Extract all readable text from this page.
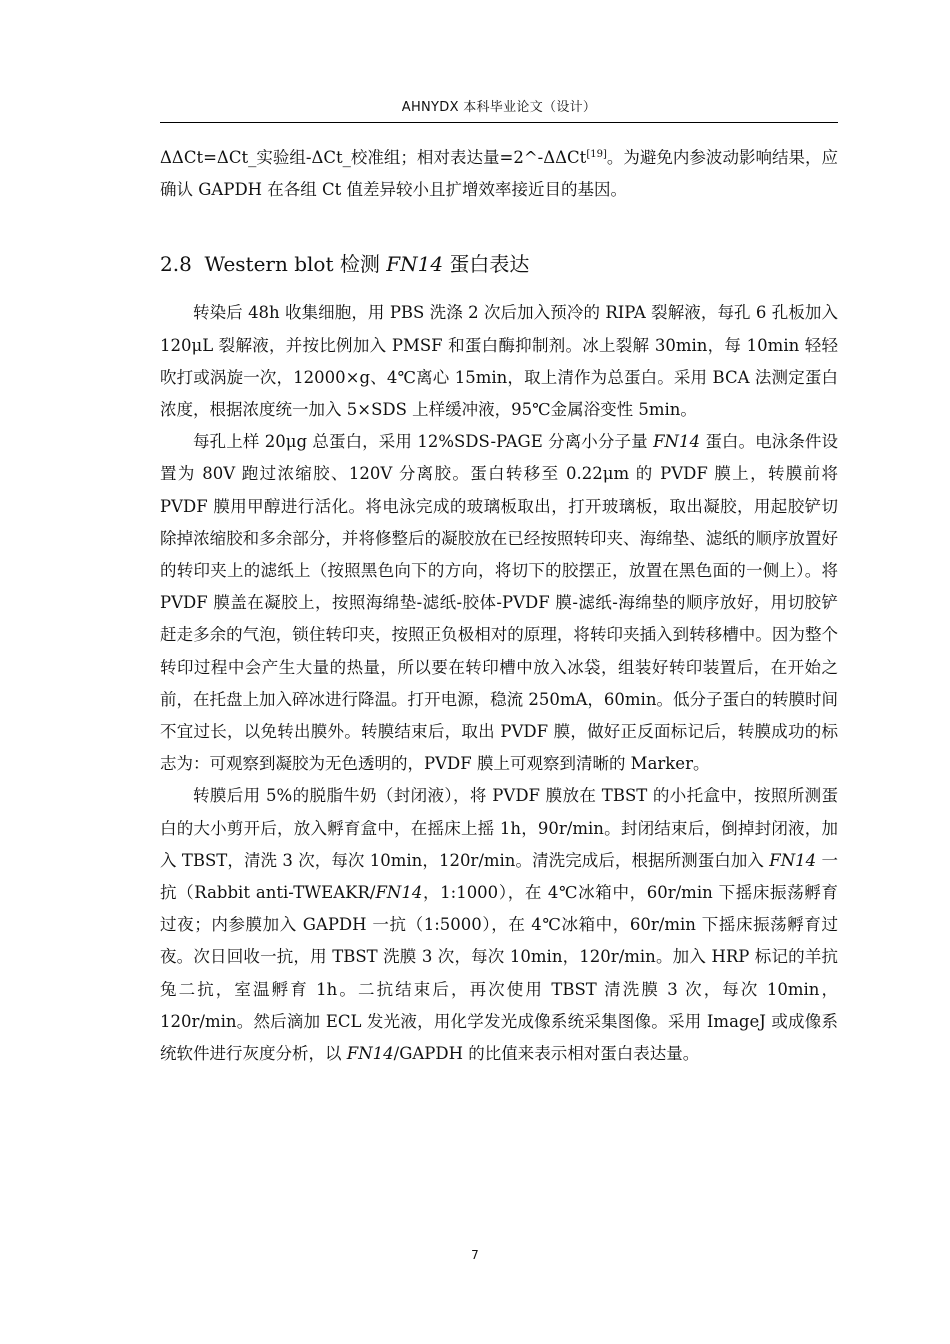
AHNYDX 本科毕业论文（设计）

ΔΔCt=ΔCt_实验组-ΔCt_校准组；相对表达量=2^-ΔΔCt[19]。为避免内参波动影响结果，应确认 GAPDH 在各组 Ct 值差异较小且扩增效率接近目的基因。

2.8 Western blot 检测 FN14 蛋白表达

转染后 48h 收集细胞，用 PBS 洗涤 2 次后加入预冷的 RIPA 裂解液，每孔 6 孔板加入 120μL 裂解液，并按比例加入 PMSF 和蛋白酶抑制剂。冰上裂解 30min，每 10min 轻轻吹打或涡旋一次，12000×g、4℃离心 15min，取上清作为总蛋白。采用 BCA 法测定蛋白浓度，根据浓度统一加入 5×SDS 上样缓冲液，95℃金属浴变性 5min。

每孔上样 20μg 总蛋白，采用 12%SDS-PAGE 分离小分子量 FN14 蛋白。电泳条件设置为 80V 跑过浓缩胶、120V 分离胶。蛋白转移至 0.22μm 的 PVDF 膜上，转膜前将 PVDF 膜用甲醇进行活化。将电泳完成的玻璃板取出，打开玻璃板，取出凝胶，用起胶铲切除掉浓缩胶和多余部分，并将修整后的凝胶放在已经按照转印夹、海绵垫、滤纸的顺序放置好的转印夹上的滤纸上（按照黑色向下的方向，将切下的胶摆正，放置在黑色面的一侧上）。将 PVDF 膜盖在凝胶上，按照海绵垫-滤纸-胶体-PVDF 膜-滤纸-海绵垫的顺序放好，用切胶铲赶走多余的气泡，锁住转印夹，按照正负极相对的原理，将转印夹插入到转移槽中。因为整个转印过程中会产生大量的热量，所以要在转印槽中放入冰袋，组装好转印装置后，在开始之前，在托盘上加入碎冰进行降温。打开电源，稳流 250mA，60min。低分子蛋白的转膜时间不宜过长，以免转出膜外。转膜结束后，取出 PVDF 膜，做好正反面标记后，转膜成功的标志为：可观察到凝胶为无色透明的，PVDF 膜上可观察到清晰的 Marker。

转膜后用 5%的脱脂牛奶（封闭液），将 PVDF 膜放在 TBST 的小托盒中，按照所测蛋白的大小剪开后，放入孵育盒中，在摇床上摇 1h，90r/min。封闭结束后，倒掉封闭液，加入 TBST，清洗 3 次，每次 10min，120r/min。清洗完成后，根据所测蛋白加入 FN14 一抗（Rabbit anti-TWEAKR/FN14，1:1000），在 4℃冰箱中，60r/min 下摇床振荡孵育过夜；内参膜加入 GAPDH 一抗（1:5000），在 4℃冰箱中，60r/min 下摇床振荡孵育过夜。次日回收一抗，用 TBST 洗膜 3 次，每次 10min，120r/min。加入 HRP 标记的羊抗兔二抗，室温孵育 1h。二抗结束后，再次使用 TBST 清洗膜 3 次，每次 10min，120r/min。然后滴加 ECL 发光液，用化学发光成像系统采集图像。采用 ImageJ 或成像系统软件进行灰度分析，以 FN14/GAPDH 的比值来表示相对蛋白表达量。

7
